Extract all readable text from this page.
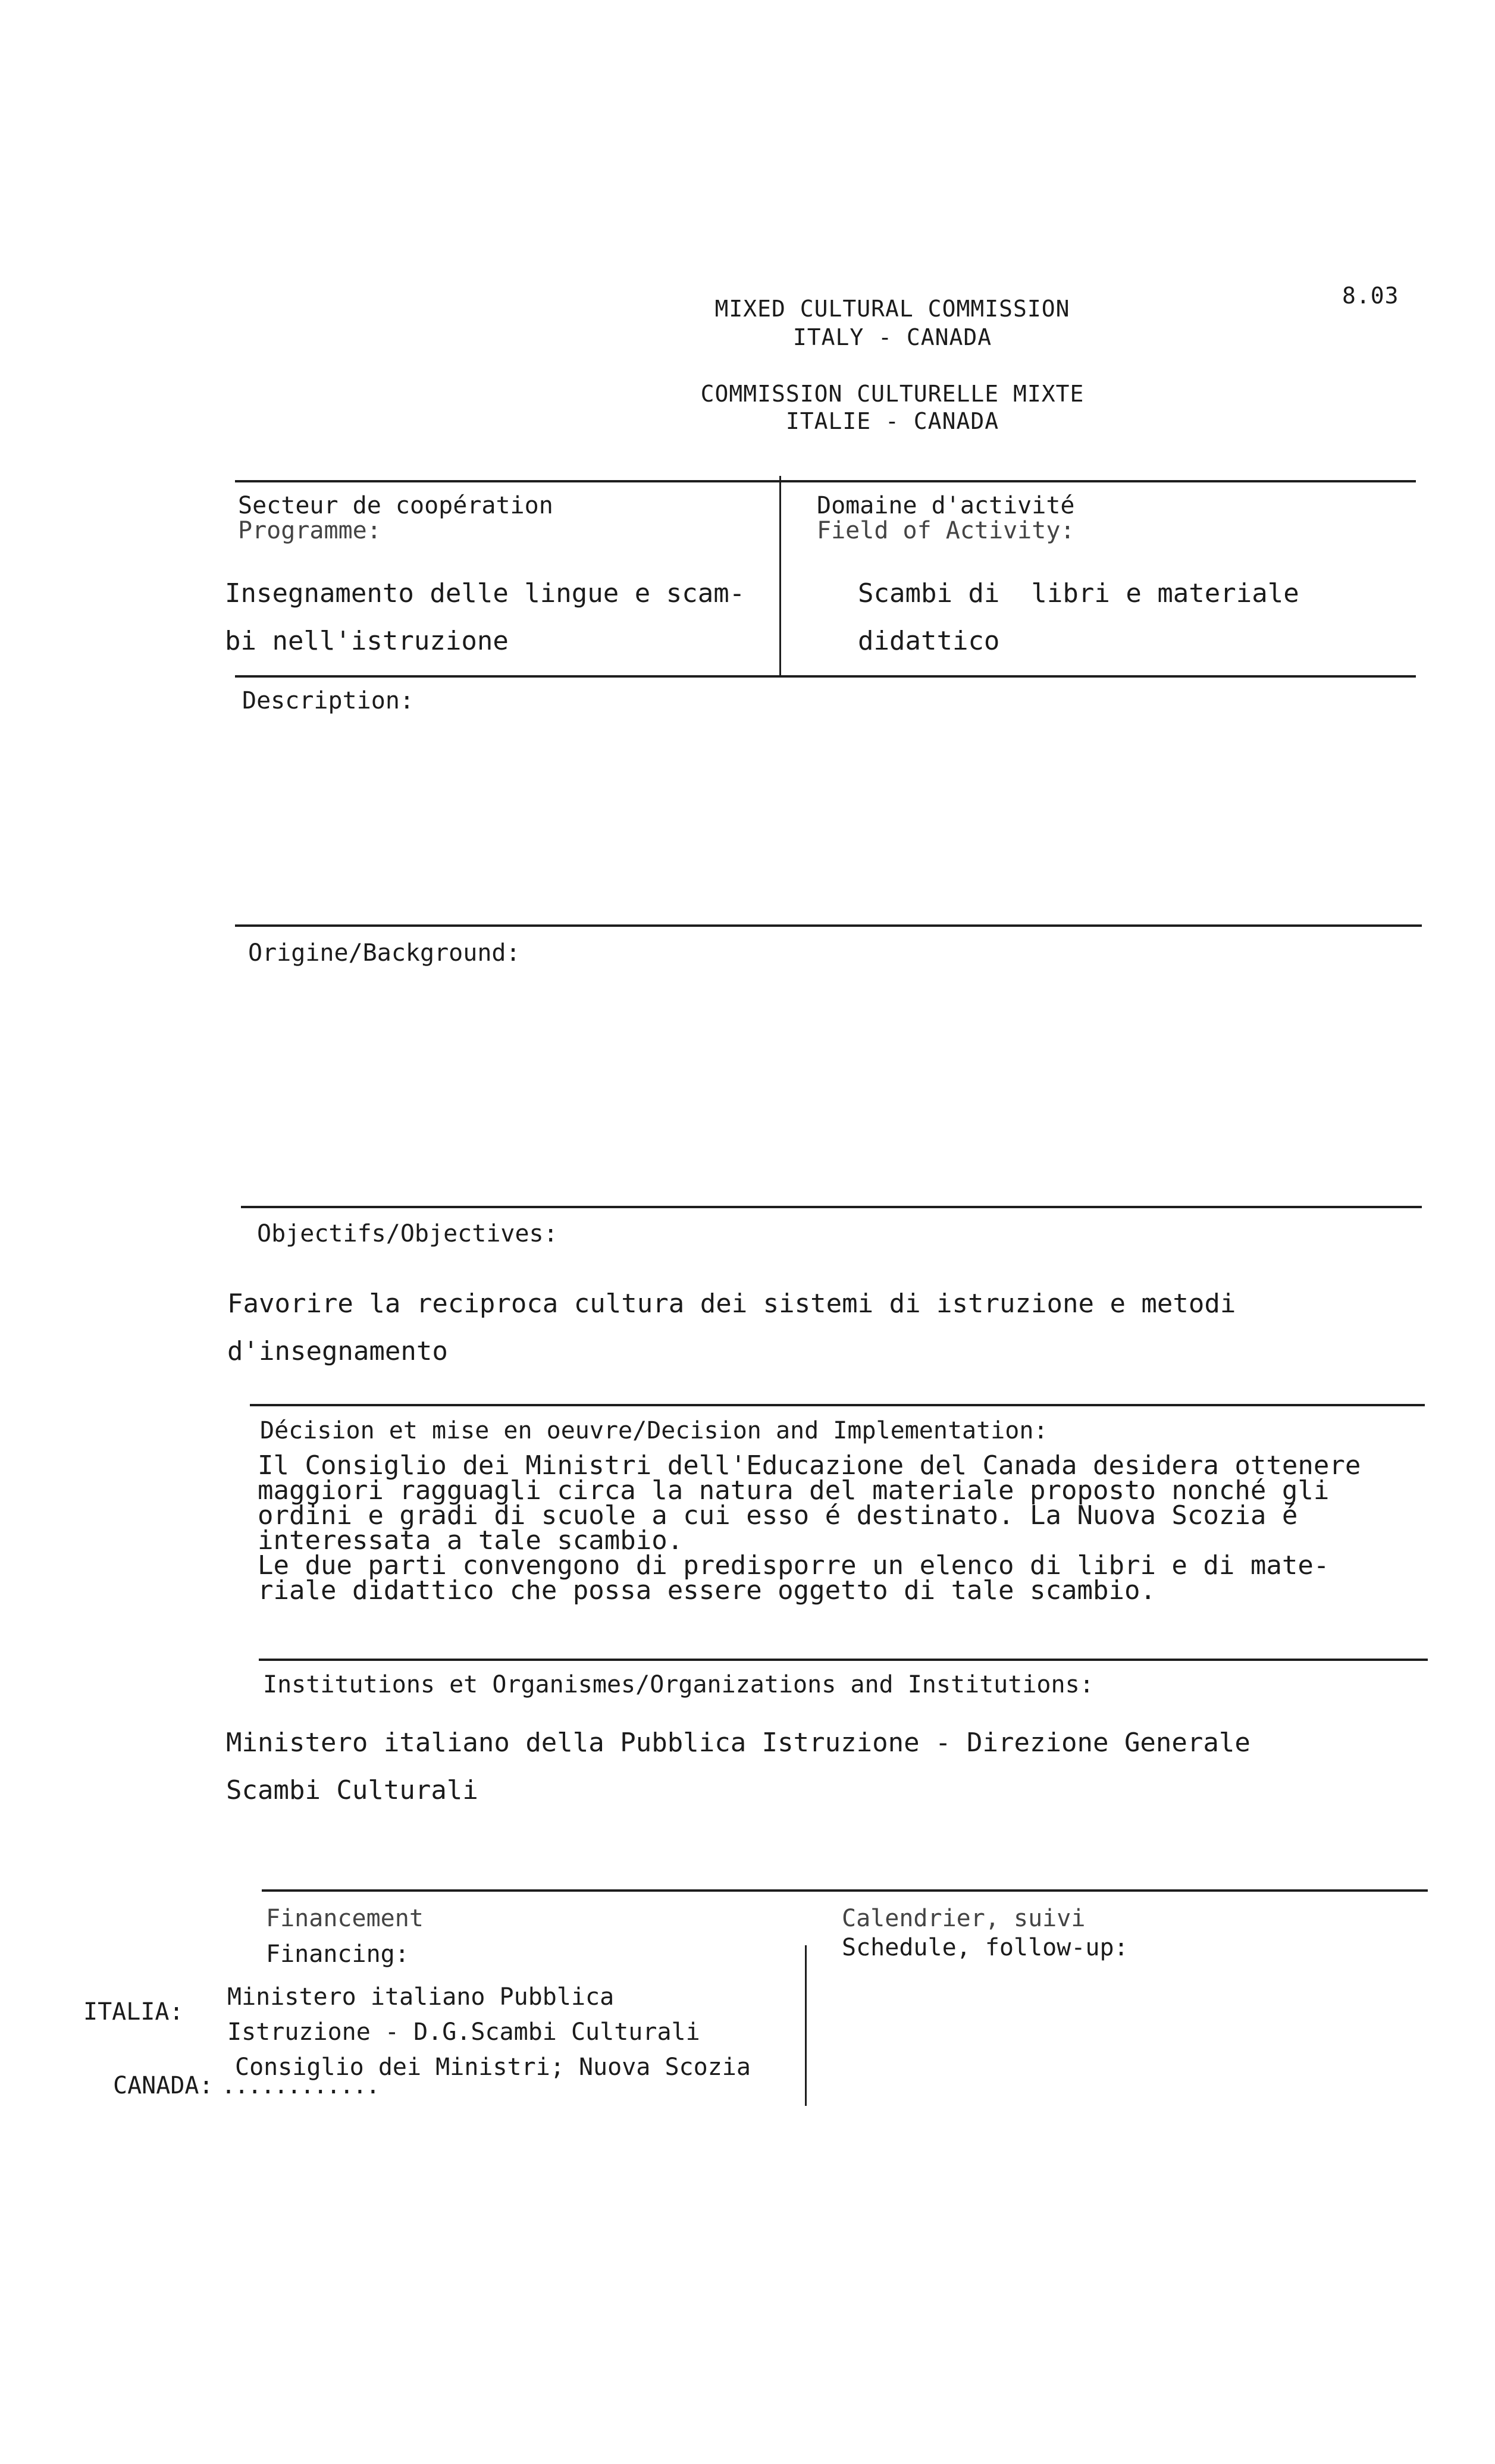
8.03
MIXED CULTURAL COMMISSION
ITALY - CANADA
COMMISSION CULTURELLE MIXTE
ITALIE - CANADA
Secteur de coopération
Programme:
Insegnamento delle lingue e scam-
bi nell'istruzione
Domaine d'activité
Field of Activity:
Scambi di  libri e materiale
didattico
Description:
Origine/Background:
Objectifs/Objectives:
Favorire la reciproca cultura dei sistemi di istruzione e metodi
d'insegnamento
Décision et mise en oeuvre/Decision and Implementation:
Il Consiglio dei Ministri dell'Educazione del Canada desidera ottenere
maggiori ragguagli circa la natura del materiale proposto nonché gli
ordini e gradi di scuole a cui esso é destinato. La Nuova Scozia é
interessata a tale scambio.
Le due parti convengono di predisporre un elenco di libri e di mate-
riale didattico che possa essere oggetto di tale scambio.
Institutions et Organismes/Organizations and Institutions:
Ministero italiano della Pubblica Istruzione - Direzione Generale
Scambi Culturali
Financement
Financing:
ITALIA:
Ministero italiano Pubblica
Istruzione - D.G.Scambi Culturali
CANADA:
Consiglio dei Ministri; Nuova Scozia
............
Calendrier, suivi
Schedule, follow-up:
